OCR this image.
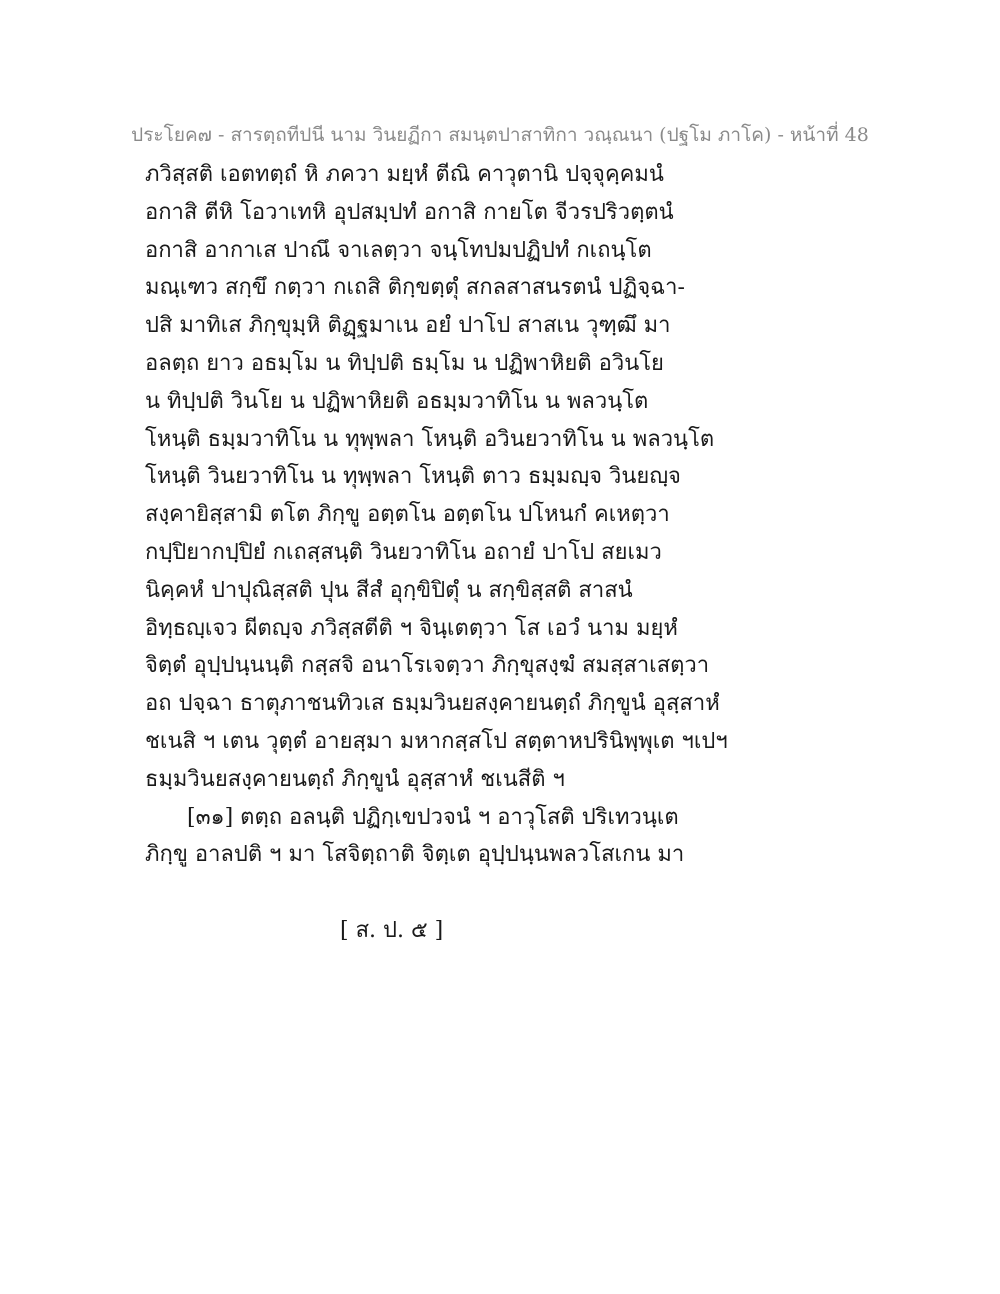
ประโยค๗ - สารตฺถทีปนี นาม วินยฏีกา สมนฺตปาสาทิกา วณฺณนา (ปฐโม ภาโค) - หน้าที่ 48
ภวิสฺสติ เอตทตฺถํ หิ ภควา มยฺหํ ตีณิ คาวุตานิ ปจฺจุคฺคมนํ
อกาสิ ตีหิ โอวาเทหิ อุปสมฺปทํ อกาสิ กายโต จีวรปริวตฺตนํ
อกาสิ อากาเส ปาณึ จาเลตฺวา จนฺโทปมปฏิปทํ กเถนฺโต
มณฺเฑว สกฺขึ กตฺวา กเถสิ ติกฺขตฺตุํ สกลสาสนรตนํ ปฏิจฺฉา-
ปสิ มาทิเส ภิกฺขุมฺหิ ติฏฺฐมาเน อยํ ปาโป สาสเน วุฑฺฒึ มา
อลตฺถ ยาว อธมฺโม น ทิปฺปติ ธมฺโม น ปฏิพาหิยติ อวินโย
น ทิปฺปติ วินโย น ปฏิพาหิยติ อธมฺมวาทิโน น พลวนฺโต
โหนฺติ ธมฺมวาทิโน น ทุพฺพลา โหนฺติ อวินยวาทิโน น พลวนฺโต
โหนฺติ วินยวาทิโน น ทุพฺพลา โหนฺติ ตาว ธมฺมญฺจ วินยญฺจ
สงฺคายิสฺสามิ ตโต ภิกฺขู อตฺตโน อตฺตโน ปโหนกํ คเหตฺวา
กปฺปิยากปฺปิยํ กเถสฺสนฺติ วินยวาทิโน อถายํ ปาโป สยเมว
นิคฺคหํ ปาปุณิสฺสติ ปุน สีสํ อุกฺขิปิตุํ น สกฺขิสฺสติ สาสนํ
อิทฺธญฺเจว ผีตญฺจ ภวิสฺสตีติ ฯ จินฺเตตฺวา โส เอวํ นาม มยฺหํ
จิตฺตํ อุปฺปนฺนนฺติ กสฺสจิ อนาโรเจตฺวา ภิกฺขุสงฺฆํ สมสฺสาเสตฺวา
อถ ปจฺฉา ธาตุภาชนทิวเส ธมฺมวินยสงฺคายนตฺถํ ภิกฺขูนํ อุสฺสาหํ
ชเนสิ ฯ เตน วุตฺตํ อายสฺมา มหากสฺสโป สตฺตาหปรินิพฺพุเต ฯเปฯ
ธมฺมวินยสงฺคายนตฺถํ ภิกฺขูนํ อุสฺสาหํ ชเนสีติ ฯ
[๓๑] ตตฺถ อลนฺติ ปฏิกฺเขปวจนํ ฯ อาวุโสติ ปริเทวนฺเต
ภิกฺขู อาลปติ ฯ มา โสจิตฺถาติ จิตฺเต อุปฺปนฺนพลวโสเกน มา
[ ส. ป. ๕ ]
